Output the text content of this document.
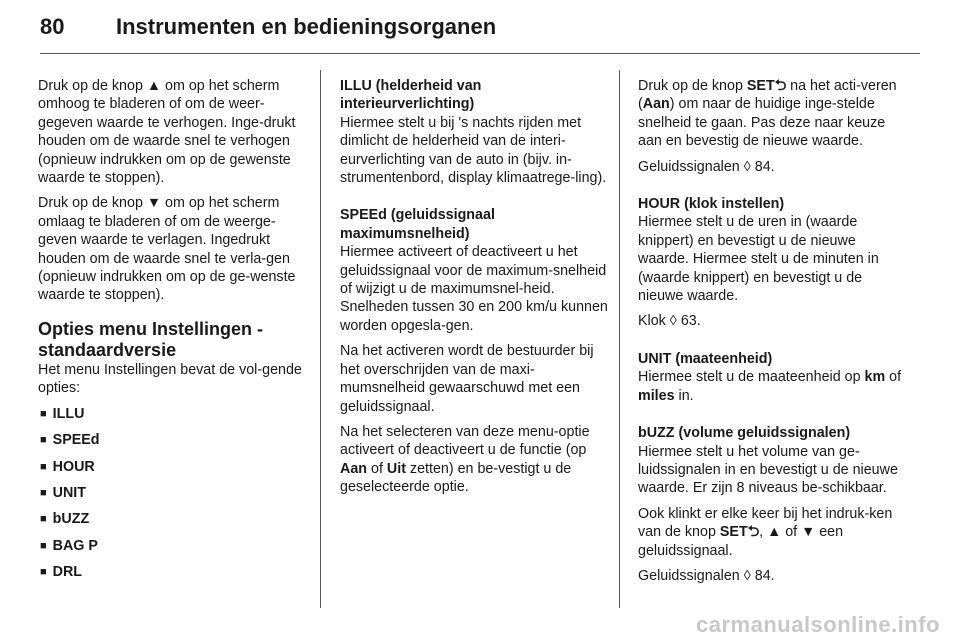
80	Instrumenten en bedieningsorganen

Druk op de knop ▲ om op het scherm omhoog te bladeren of om de weer-gegeven waarde te verhogen. Inge-drukt houden om de waarde snel te verhogen (opnieuw indrukken om op de gewenste waarde te stoppen).

Druk op de knop ▼ om op het scherm omlaag te bladeren of om de weerge-geven waarde te verlagen. Ingedrukt houden om de waarde snel te verla-gen (opnieuw indrukken om op de ge-wenste waarde te stoppen).

Opties menu Instellingen - standaardversie

Het menu Instellingen bevat de vol-gende opties:

■ ILLU
■ SPEEd
■ HOUR
■ UNIT
■ bUZZ
■ BAG P
■ DRL
ILLU (helderheid van interieurverlichting)

Hiermee stelt u bij 's nachts rijden met dimlicht de helderheid van de interi-eurverlichting van de auto in (bijv. in-strumentenbord, display klimaatrege-ling).

SPEEd (geluidssignaal maximumsnelheid)

Hiermee activeert of deactiveert u het geluidssignaal voor de maximum-snelheid of wijzigt u de maximumsnel-heid. Snelheden tussen 30 en 200 km/u kunnen worden opgesla-gen.

Na het activeren wordt de bestuurder bij het overschrijden van de maxi-mumsnelheid gewaarschuwd met een geluidssignaal.

Na het selecteren van deze menu-optie activeert of deactiveert u de functie (op Aan of Uit zetten) en be-vestigt u de geselecteerde optie.

Druk op de knop SET⮌ na het acti-veren (Aan) om naar de huidige inge-stelde snelheid te gaan. Pas deze naar keuze aan en bevestig de nieuwe waarde.

Geluidssignalen ◊ 84.

HOUR (klok instellen)

Hiermee stelt u de uren in (waarde knippert) en bevestigt u de nieuwe waarde. Hiermee stelt u de minuten in (waarde knippert) en bevestigt u de nieuwe waarde.

Klok ◊ 63.

UNIT (maateenheid)

Hiermee stelt u de maateenheid op km of miles in.

bUZZ (volume geluidssignalen)

Hiermee stelt u het volume van ge-luidssignalen in en bevestigt u de nieuwe waarde. Er zijn 8 niveaus be-schikbaar.

Ook klinkt er elke keer bij het indruk-ken van de knop SET⮌, ▲ of ▼ een geluidssignaal.

Geluidssignalen ◊ 84.

carmanualsonline.info
